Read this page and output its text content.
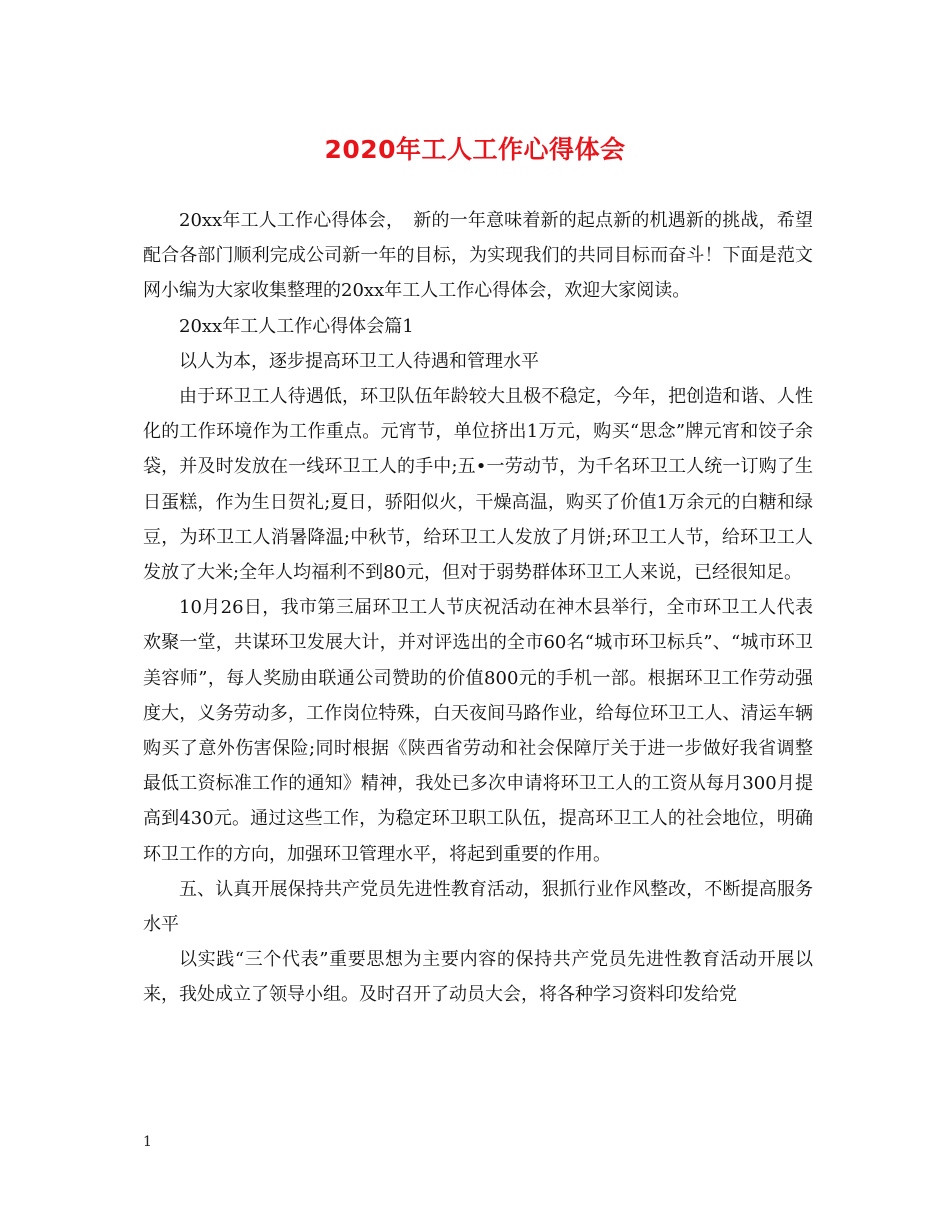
2020年工人工作心得体会

20xx年工人工作心得体会，　新的一年意味着新的起点新的机遇新的挑战，希望配合各部门顺利完成公司新一年的目标，为实现我们的共同目标而奋斗！下面是范文网小编为大家收集整理的20xx年工人工作心得体会，欢迎大家阅读。

20xx年工人工作心得体会篇1

以人为本，逐步提高环卫工人待遇和管理水平

由于环卫工人待遇低，环卫队伍年龄较大且极不稳定，今年，把创造和谐、人性化的工作环境作为工作重点。元宵节，单位挤出1万元，购买“思念”牌元宵和饺子余袋，并及时发放在一线环卫工人的手中;五•一劳动节，为千名环卫工人统一订购了生日蛋糕，作为生日贺礼;夏日，骄阳似火，干燥高温，购买了价值1万余元的白糖和绿豆，为环卫工人消暑降温;中秋节，给环卫工人发放了月饼;环卫工人节，给环卫工人发放了大米;全年人均福利不到80元，但对于弱势群体环卫工人来说，已经很知足。

10月26日，我市第三届环卫工人节庆祝活动在神木县举行，全市环卫工人代表欢聚一堂，共谋环卫发展大计，并对评选出的全市60名“城市环卫标兵”、“城市环卫美容师”，每人奖励由联通公司赞助的价值800元的手机一部。根据环卫工作劳动强度大，义务劳动多，工作岗位特殊，白天夜间马路作业，给每位环卫工人、清运车辆购买了意外伤害保险;同时根据《陕西省劳动和社会保障厅关于进一步做好我省调整最低工资标准工作的通知》精神，我处已多次申请将环卫工人的工资从每月300月提高到430元。通过这些工作，为稳定环卫职工队伍，提高环卫工人的社会地位，明确环卫工作的方向，加强环卫管理水平，将起到重要的作用。

五、认真开展保持共产党员先进性教育活动，狠抓行业作风整改，不断提高服务水平

以实践“三个代表”重要思想为主要内容的保持共产党员先进性教育活动开展以来，我处成立了领导小组。及时召开了动员大会，将各种学习资料印发给党

1
